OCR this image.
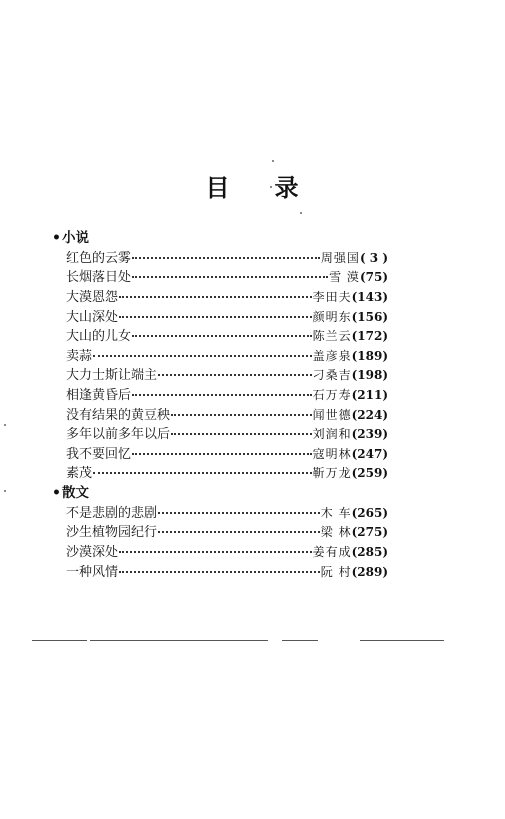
目 录
• 小说
红色的云雾	周强国 ( 3 )
长烟落日处	雪 漠 (75)
大漠恩怨	李田夫 (143)
大山深处	颜明东 (156)
大山的儿女	陈兰云 (172)
卖蒜	盖彦泉 (189)
大力士斯让端主	刁桑吉 (198)
相逢黄昏后	石万寿 (211)
没有结果的黄豆秧	闻世德 (224)
多年以前多年以后	刘润和 (239)
我不要回忆	寇明林 (247)
素茂	靳万龙 (259)
• 散文
不是悲剧的悲剧	木 车 (265)
沙生植物园纪行	梁 林 (275)
沙漠深处	姜有成 (285)
一种风情	阮 村 (289)
